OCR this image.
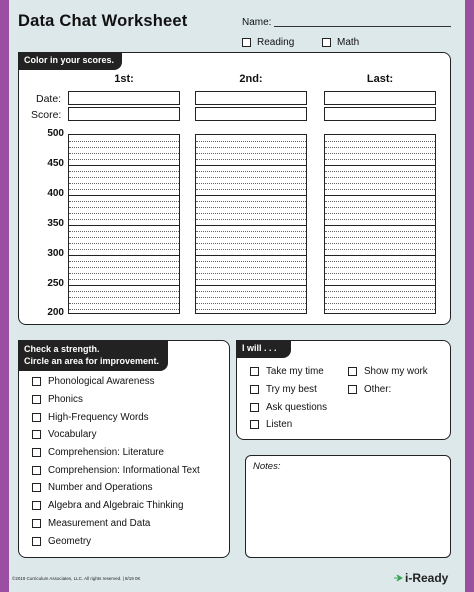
Data Chat Worksheet	Name:
Reading	Math
Color in your scores.
1st:	2nd:	Last:
Date:
Score:
500
450
400
350
300
250
200
Check a strength.
Circle an area for improvement.
Phonological Awareness
Phonics
High-Frequency Words
Vocabulary
Comprehension: Literature
Comprehension: Informational Text
Number and Operations
Algebra and Algebraic Thinking
Measurement and Data
Geometry
I will . . .
Take my time
Try my best
Ask questions
Listen
Show my work
Other:
Notes:
©2019 Curriculum Associates, LLC. All rights reserved. | 8/19 0K	i-Ready
